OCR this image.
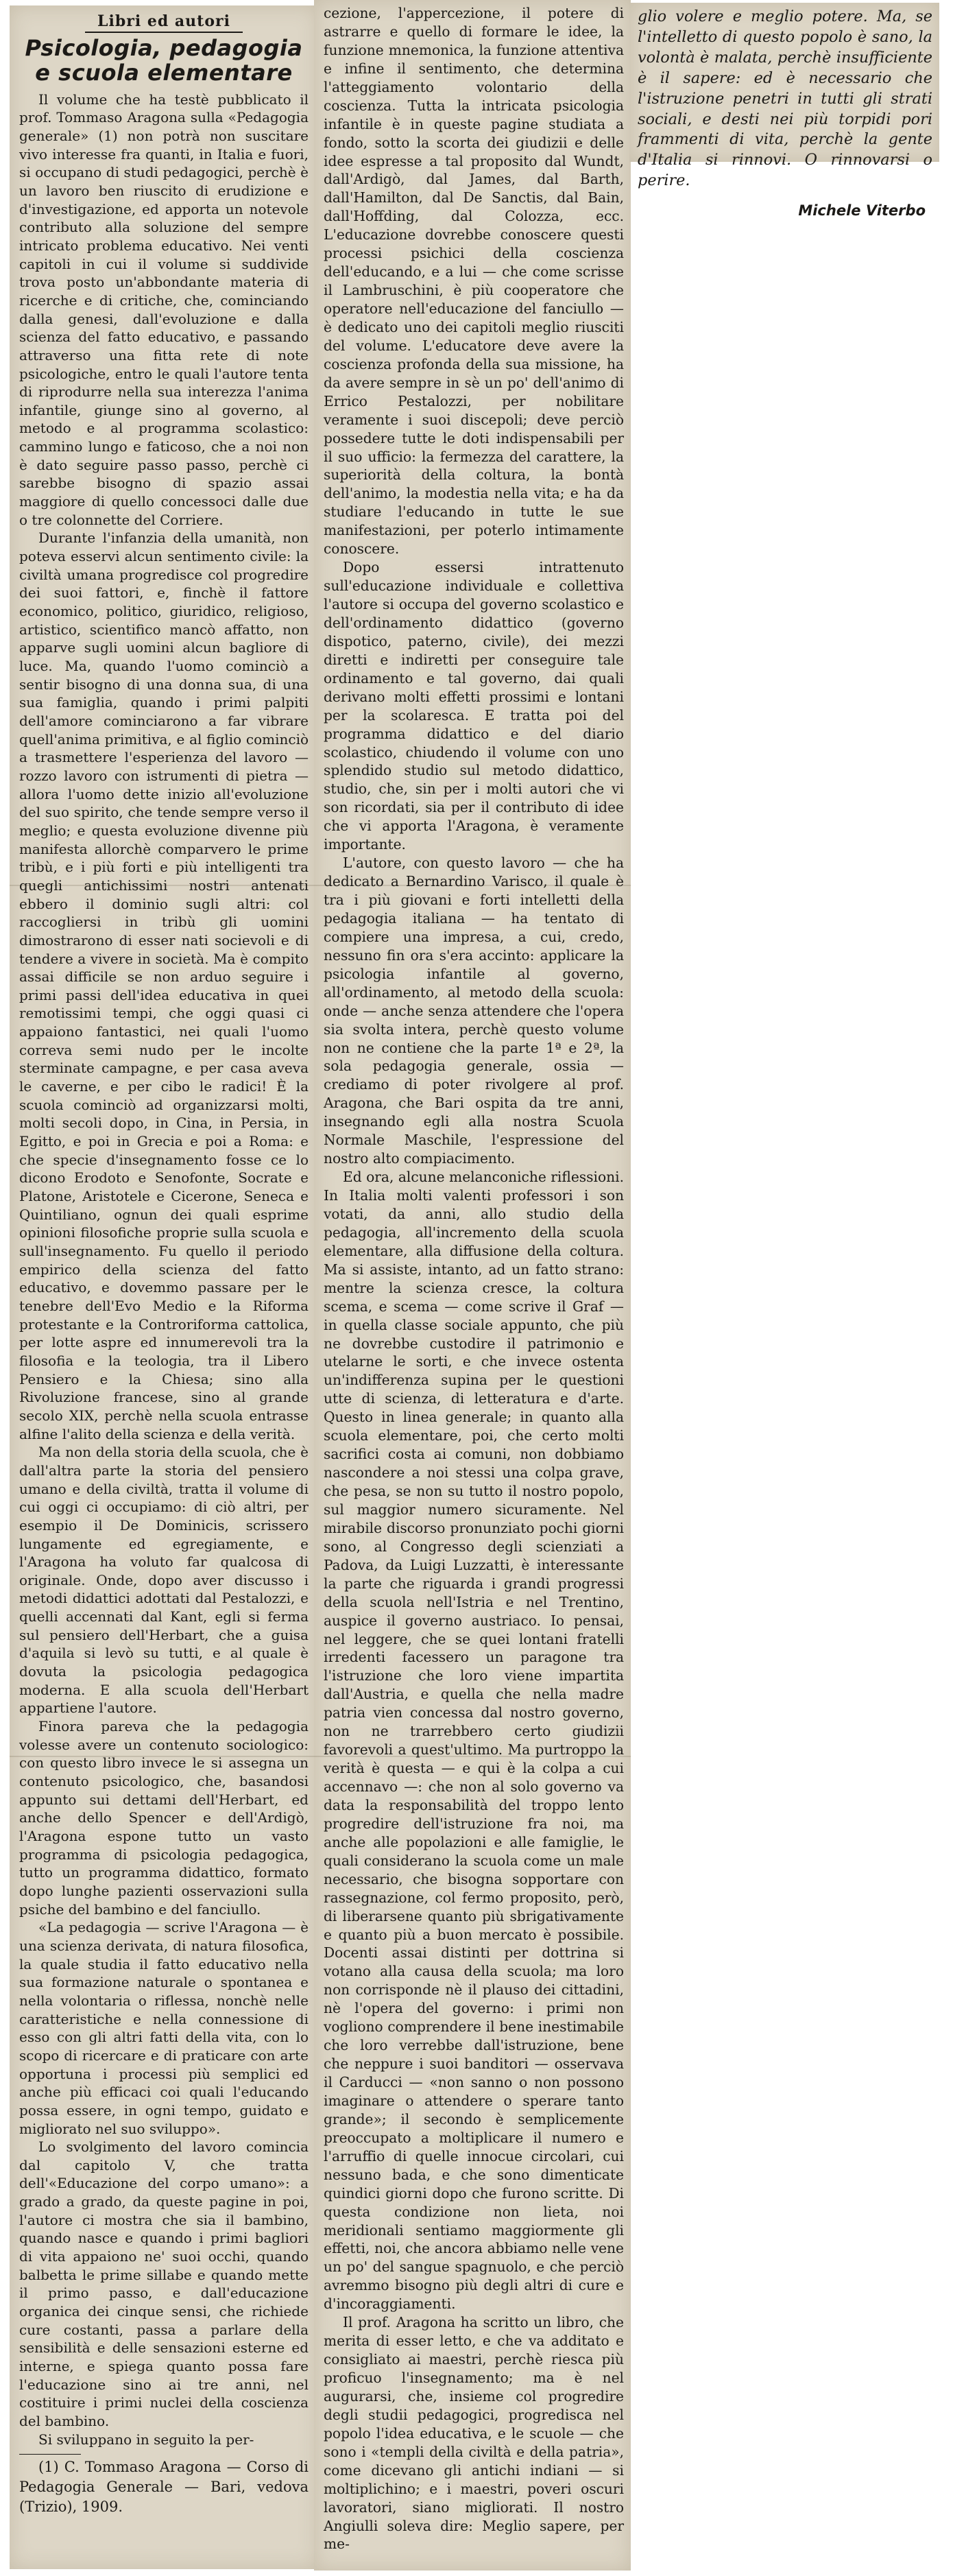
Libri ed autori
Psicologia, pedagogia
e scuola elementare

Il volume che ha testè pubblicato il prof. Tommaso Aragona sulla «Pedagogia generale» (1) non potrà non suscitare vivo interesse fra quanti, in Italia e fuori, si occupano di studi pedagogici, perchè è un lavoro ben riuscito di erudizione e d'investigazione, ed apporta un notevole contributo alla soluzione del sempre intricato problema educativo. Nei venti capitoli in cui il volume si suddivide trova posto un'abbondante materia di ricerche e di critiche, che, cominciando dalla genesi, dall'evoluzione e dalla scienza del fatto educativo, e passando attraverso una fitta rete di note psicologiche, entro le quali l'autore tenta di riprodurre nella sua interezza l'anima infantile, giunge sino al governo, al metodo e al programma scolastico: cammino lungo e faticoso, che a noi non è dato seguire passo passo, perchè ci sarebbe bisogno di spazio assai maggiore di quello concessoci dalle due o tre colonnette del Corriere.

Durante l'infanzia della umanità, non poteva esservi alcun sentimento civile: la civiltà umana progredisce col progredire dei suoi fattori, e, finchè il fattore economico, politico, giuridico, religioso, artistico, scientifico mancò affatto, non apparve sugli uomini alcun bagliore di luce. Ma, quando l'uomo cominciò a sentir bisogno di una donna sua, di una sua famiglia, quando i primi palpiti dell'amore cominciarono a far vibrare quell'anima primitiva, e al figlio cominciò a trasmettere l'esperienza del lavoro — rozzo lavoro con istrumenti di pietra — allora l'uomo dette inizio all'evoluzione del suo spirito, che tende sempre verso il meglio; e questa evoluzione divenne più manifesta allorchè comparvero le prime tribù, e i più forti e più intelligenti tra quegli antichissimi nostri antenati ebbero il dominio sugli altri: col raccogliersi in tribù gli uomini dimostrarono di esser nati socievoli e di tendere a vivere in società. Ma è compito assai difficile se non arduo seguire i primi passi dell'idea educativa in quei remotissimi tempi, che oggi quasi ci appaiono fantastici, nei quali l'uomo correva semi nudo per le incolte sterminate campagne, e per casa aveva le caverne, e per cibo le radici! È la scuola cominciò ad organizzarsi molti, molti secoli dopo, in Cina, in Persia, in Egitto, e poi in Grecia e poi a Roma: e che specie d'insegnamento fosse ce lo dicono Erodoto e Senofonte, Socrate e Platone, Aristotele e Cicerone, Seneca e Quintiliano, ognun dei quali esprime opinioni filosofiche proprie sulla scuola e sull'insegnamento. Fu quello il periodo empirico della scienza del fatto educativo, e dovemmo passare per le tenebre dell'Evo Medio e la Riforma protestante e la Controriforma cattolica, per lotte aspre ed innumerevoli tra la filosofia e la teologia, tra il Libero Pensiero e la Chiesa; sino alla Rivoluzione francese, sino al grande secolo XIX, perchè nella scuola entrasse alfine l'alito della scienza e della verità.

Ma non della storia della scuola, che è dall'altra parte la storia del pensiero umano e della civiltà, tratta il volume di cui oggi ci occupiamo: di ciò altri, per esempio il De Dominicis, scrissero lungamente ed egregiamente, e l'Aragona ha voluto far qualcosa di originale. Onde, dopo aver discusso i metodi didattici adottati dal Pestalozzi, e quelli accennati dal Kant, egli si ferma sul pensiero dell'Herbart, che a guisa d'aquila si levò su tutti, e al quale è dovuta la psicologia pedagogica moderna. E alla scuola dell'Herbart appartiene l'autore.

Finora pareva che la pedagogia volesse avere un contenuto sociologico: con questo libro invece le si assegna un contenuto psicologico, che, basandosi appunto sui dettami dell'Herbart, ed anche dello Spencer e dell'Ardigò, l'Aragona espone tutto un vasto programma di psicologia pedagogica, tutto un programma didattico, formato dopo lunghe pazienti osservazioni sulla psiche del bambino e del fanciullo.

«La pedagogia — scrive l'Aragona — è una scienza derivata, di natura filosofica, la quale studia il fatto educativo nella sua formazione naturale o spontanea e nella volontaria o riflessa, nonchè nelle caratteristiche e nella connessione di esso con gli altri fatti della vita, con lo scopo di ricercare e di praticare con arte opportuna i processi più semplici ed anche più efficaci coi quali l'educando possa essere, in ogni tempo, guidato e migliorato nel suo sviluppo».

Lo svolgimento del lavoro comincia dal capitolo V, che tratta dell'«Educazione del corpo umano»: a grado a grado, da queste pagine in poi, l'autore ci mostra che sia il bambino, quando nasce e quando i primi bagliori di vita appaiono ne' suoi occhi, quando balbetta le prime sillabe e quando mette il primo passo, e dall'educazione organica dei cinque sensi, che richiede cure costanti, passa a parlare della sensibilità e delle sensazioni esterne ed interne, e spiega quanto possa fare l'educazione sino ai tre anni, nel costituire i primi nuclei della coscienza del bambino.

Si sviluppano in seguito la per-

(1) C. Tommaso Aragona — Corso di Pedagogia Generale — Bari, vedova (Trizio), 1909.

cezione, l'appercezione, il potere di astrarre e quello di formare le idee, la funzione mnemonica, la funzione attentiva e infine il sentimento, che determina l'atteggiamento volontario della coscienza. Tutta la intricata psicologia infantile è in queste pagine studiata a fondo, sotto la scorta dei giudizii e delle idee espresse a tal proposito dal Wundt, dall'Ardigò, dal James, dal Barth, dall'Hamilton, dal De Sanctis, dal Bain, dall'Hoffding, dal Colozza, ecc. L'educazione dovrebbe conoscere questi processi psichici della coscienza dell'educando, e a lui — che come scrisse il Lambruschini, è più cooperatore che operatore nell'educazione del fanciullo — è dedicato uno dei capitoli meglio riusciti del volume. L'educatore deve avere la coscienza profonda della sua missione, ha da avere sempre in sè un po' dell'animo di Errico Pestalozzi, per nobilitare veramente i suoi discepoli; deve perciò possedere tutte le doti indispensabili per il suo ufficio: la fermezza del carattere, la superiorità della coltura, la bontà dell'animo, la modestia nella vita; e ha da studiare l'educando in tutte le sue manifestazioni, per poterlo intimamente conoscere.

Dopo essersi intrattenuto sull'educazione individuale e collettiva l'autore si occupa del governo scolastico e dell'ordinamento didattico (governo dispotico, paterno, civile), dei mezzi diretti e indiretti per conseguire tale ordinamento e tal governo, dai quali derivano molti effetti prossimi e lontani per la scolaresca. E tratta poi del programma didattico e del diario scolastico, chiudendo il volume con uno splendido studio sul metodo didattico, studio, che, sin per i molti autori che vi son ricordati, sia per il contributo di idee che vi apporta l'Aragona, è veramente importante.

L'autore, con questo lavoro — che ha dedicato a Bernardino Varisco, il quale è tra i più giovani e forti intelletti della pedagogia italiana — ha tentato di compiere una impresa, a cui, credo, nessuno fin ora s'era accinto: applicare la psicologia infantile al governo, all'ordinamento, al metodo della scuola: onde — anche senza attendere che l'opera sia svolta intera, perchè questo volume non ne contiene che la parte 1ª e 2ª, la sola pedagogia generale, ossia — crediamo di poter rivolgere al prof. Aragona, che Bari ospita da tre anni, insegnando egli alla nostra Scuola Normale Maschile, l'espressione del nostro alto compiacimento.

Ed ora, alcune melanconiche riflessioni. In Italia molti valenti professori i son votati, da anni, allo studio della pedagogia, all'incremento della scuola elementare, alla diffusione della coltura. Ma si assiste, intanto, ad un fatto strano: mentre la scienza cresce, la coltura scema, e scema — come scrive il Graf — in quella classe sociale appunto, che più ne dovrebbe custodire il patrimonio e utelarne le sorti, e che invece ostenta un'indifferenza supina per le questioni utte di scienza, di letteratura e d'arte. Questo in linea generale; in quanto alla scuola elementare, poi, che certo molti sacrifici costa ai comuni, non dobbiamo nascondere a noi stessi una colpa grave, che pesa, se non su tutto il nostro popolo, sul maggior numero sicuramente. Nel mirabile discorso pronunziato pochi giorni sono, al Congresso degli scienziati a Padova, da Luigi Luzzatti, è interessante la parte che riguarda i grandi progressi della scuola nell'Istria e nel Trentino, auspice il governo austriaco. Io pensai, nel leggere, che se quei lontani fratelli irredenti facessero un paragone tra l'istruzione che loro viene impartita dall'Austria, e quella che nella madre patria vien concessa dal nostro governo, non ne trarrebbero certo giudizii favorevoli a quest'ultimo. Ma purtroppo la verità è questa — e qui è la colpa a cui accennavo —: che non al solo governo va data la responsabilità del troppo lento progredire dell'istruzione fra noi, ma anche alle popolazioni e alle famiglie, le quali considerano la scuola come un male necessario, che bisogna sopportare con rassegnazione, col fermo proposito, però, di liberarsene quanto più sbrigativamente e quanto più a buon mercato è possibile. Docenti assai distinti per dottrina si votano alla causa della scuola; ma loro non corrisponde nè il plauso dei cittadini, nè l'opera del governo: i primi non vogliono comprendere il bene inestimabile che loro verrebbe dall'istruzione, bene che neppure i suoi banditori — osservava il Carducci — «non sanno o non possono imaginare o attendere o sperare tanto grande»; il secondo è semplicemente preoccupato a moltiplicare il numero e l'arruffio di quelle innocue circolari, cui nessuno bada, e che sono dimenticate quindici giorni dopo che furono scritte. Di questa condizione non lieta, noi meridionali sentiamo maggiormente gli effetti, noi, che ancora abbiamo nelle vene un po' del sangue spagnuolo, e che perciò avremmo bisogno più degli altri di cure e d'incoraggiamenti.

Il prof. Aragona ha scritto un libro, che merita di esser letto, e che va additato e consigliato ai maestri, perchè riesca più proficuo l'insegnamento; ma è nel augurarsi, che, insieme col progredire degli studii pedagogici, progredisca nel popolo l'idea educativa, e le scuole — che sono i «templi della civiltà e della patria», come dicevano gli antichi indiani — si moltiplichino; e i maestri, poveri oscuri lavoratori, siano migliorati. Il nostro Angiulli soleva dire: Meglio sapere, per me-

glio volere e meglio potere. Ma, se l'intelletto di questo popolo è sano, la volontà è malata, perchè insufficiente è il sapere: ed è necessario che l'istruzione penetri in tutti gli strati sociali, e desti nei più torpidi pori frammenti di vita, perchè la gente d'Italia si rinnovi. O rinnovarsi o perire.

Michele Viterbo
